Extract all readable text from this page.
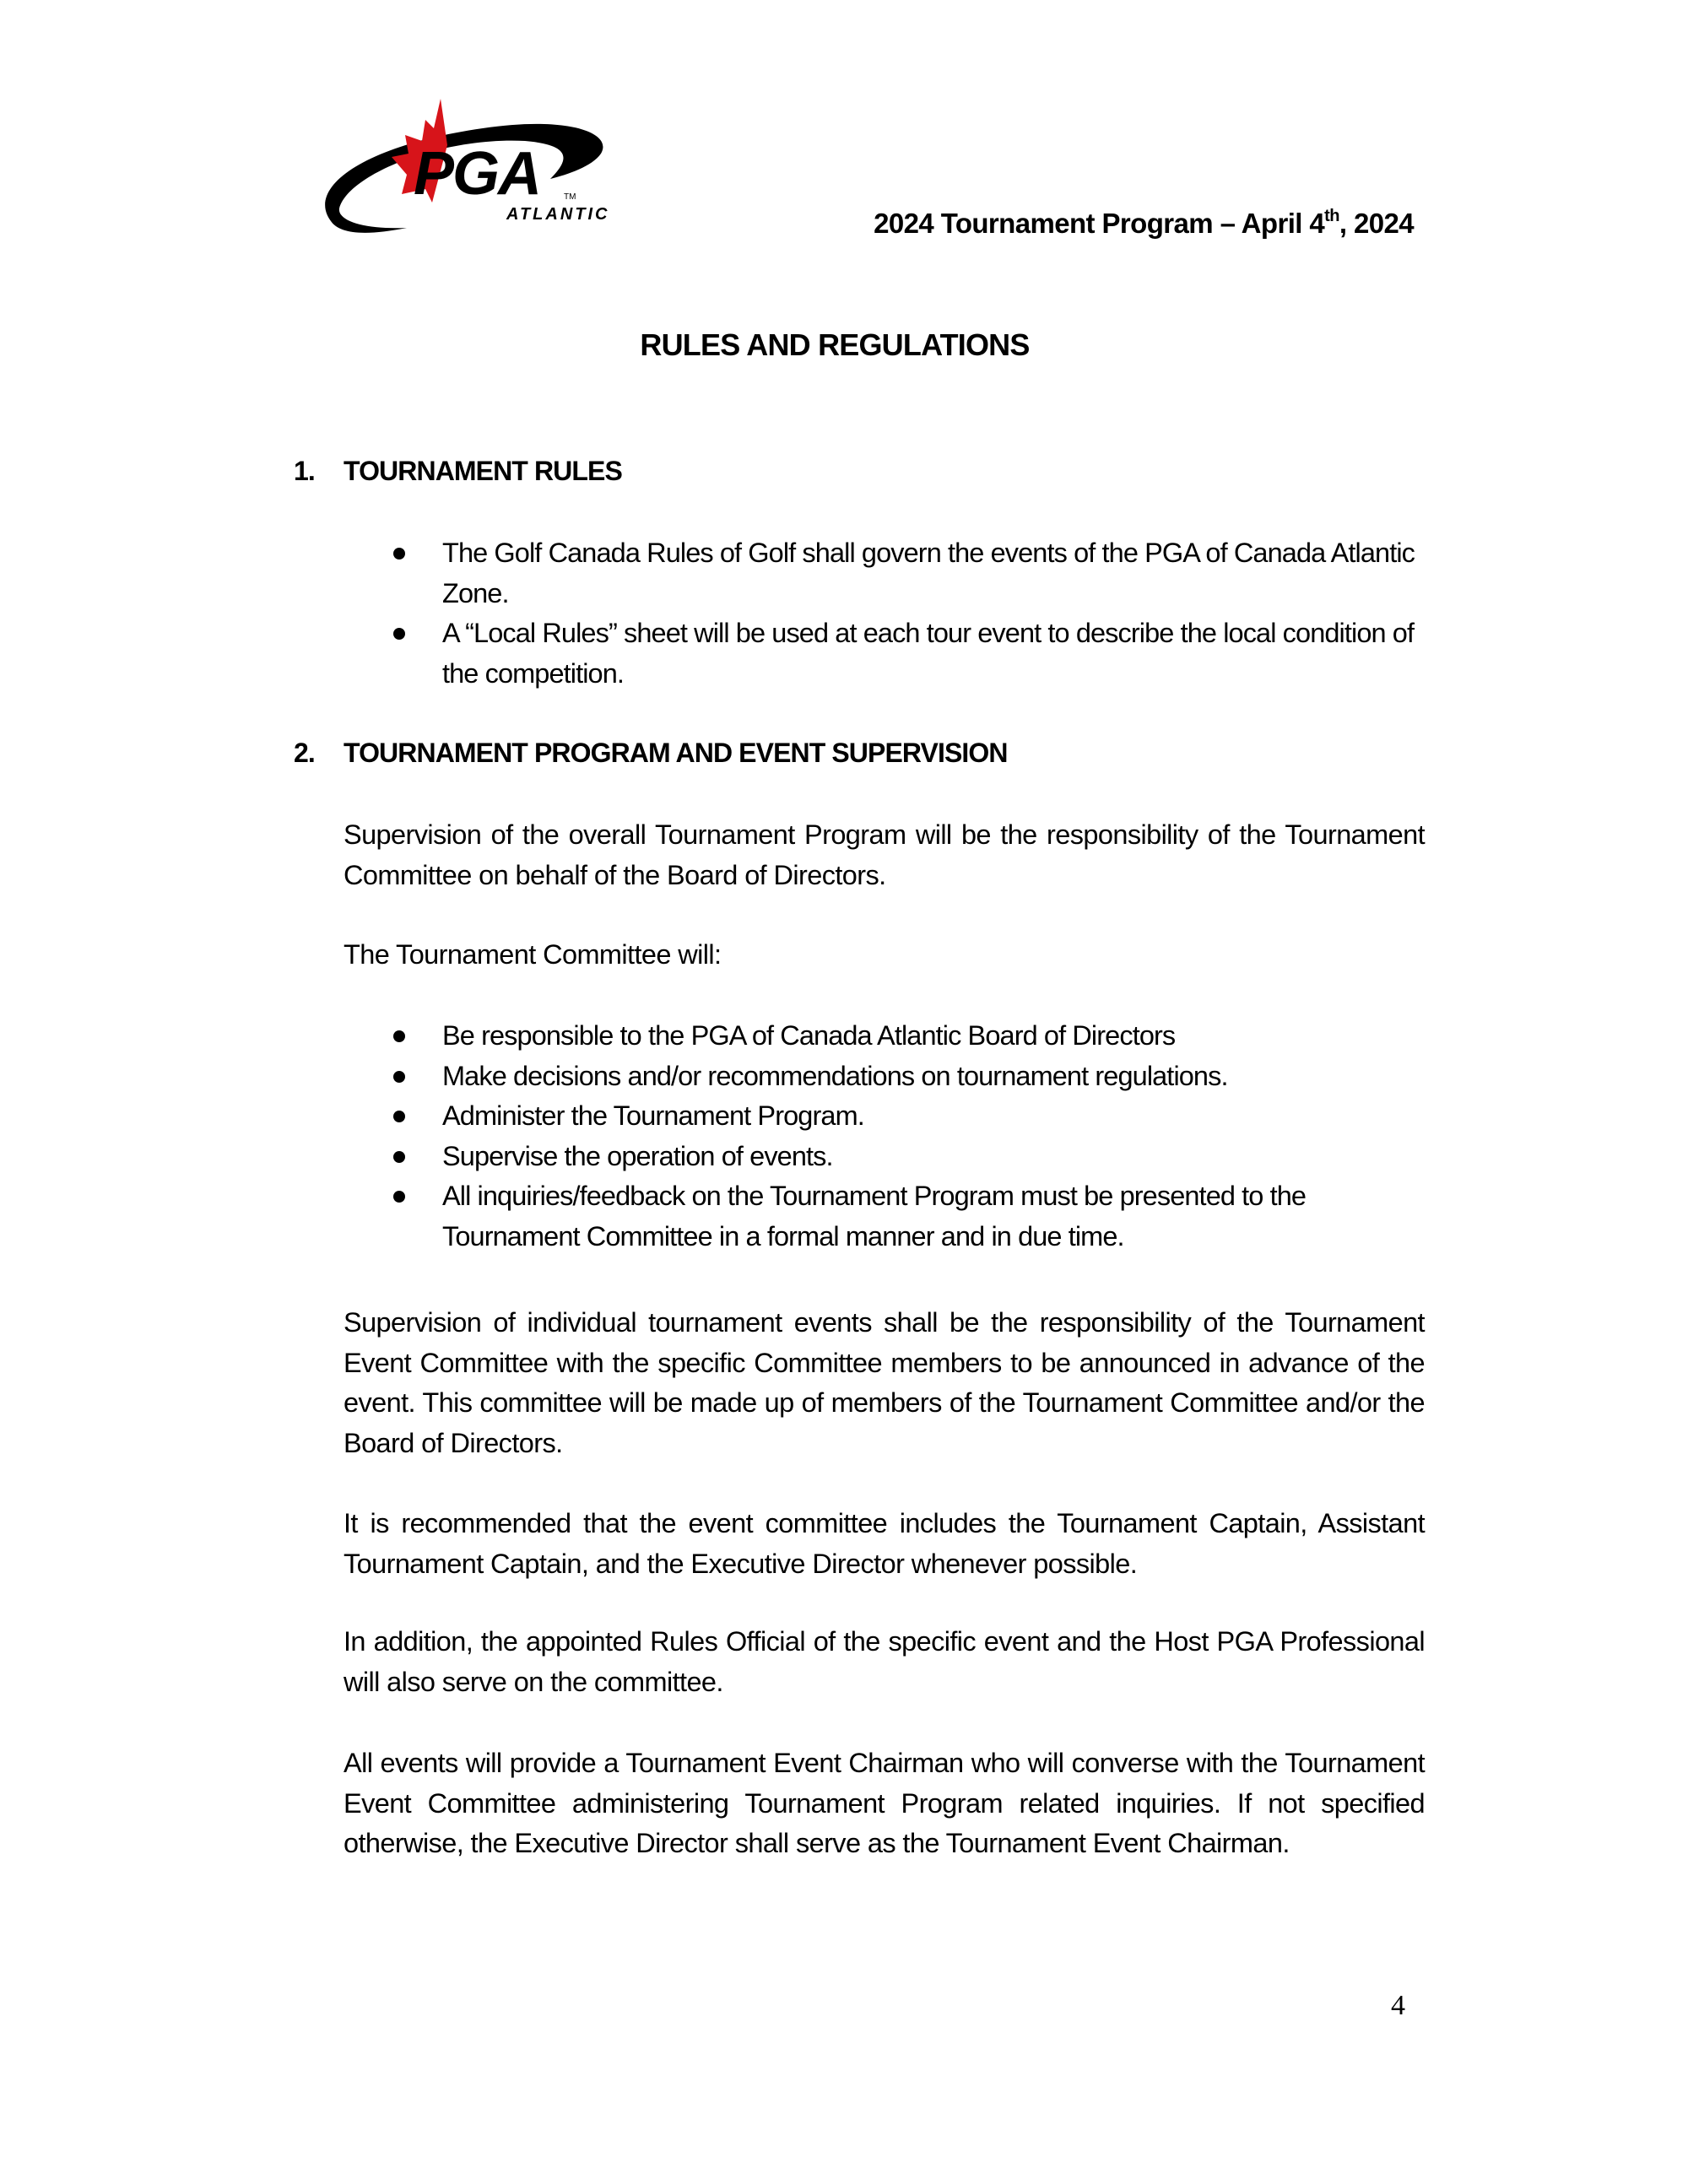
PGA	TM
ATLANTIC	2024 Tournament Program – April 4th, 2024
RULES AND REGULATIONS
1. TOURNAMENT RULES
The Golf Canada Rules of Golf shall govern the events of the PGA of Canada Atlantic Zone.
A “Local Rules” sheet will be used at each tour event to describe the local condition of the competition.
2. TOURNAMENT PROGRAM AND EVENT SUPERVISION

Supervision of the overall Tournament Program will be the responsibility of the Tournament Committee on behalf of the Board of Directors.

The Tournament Committee will:

Be responsible to the PGA of Canada Atlantic Board of Directors
Make decisions and/or recommendations on tournament regulations.
Administer the Tournament Program.
Supervise the operation of events.
All inquiries/feedback on the Tournament Program must be presented to the Tournament Committee in a formal manner and in due time.

Supervision of individual tournament events shall be the responsibility of the Tournament Event Committee with the specific Committee members to be announced in advance of the event. This committee will be made up of members of the Tournament Committee and/or the Board of Directors.

It is recommended that the event committee includes the Tournament Captain, Assistant Tournament Captain, and the Executive Director whenever possible.

In addition, the appointed Rules Official of the specific event and the Host PGA Professional will also serve on the committee.

All events will provide a Tournament Event Chairman who will converse with the Tournament Event Committee administering Tournament Program related inquiries. If not specified otherwise, the Executive Director shall serve as the Tournament Event Chairman.

4
